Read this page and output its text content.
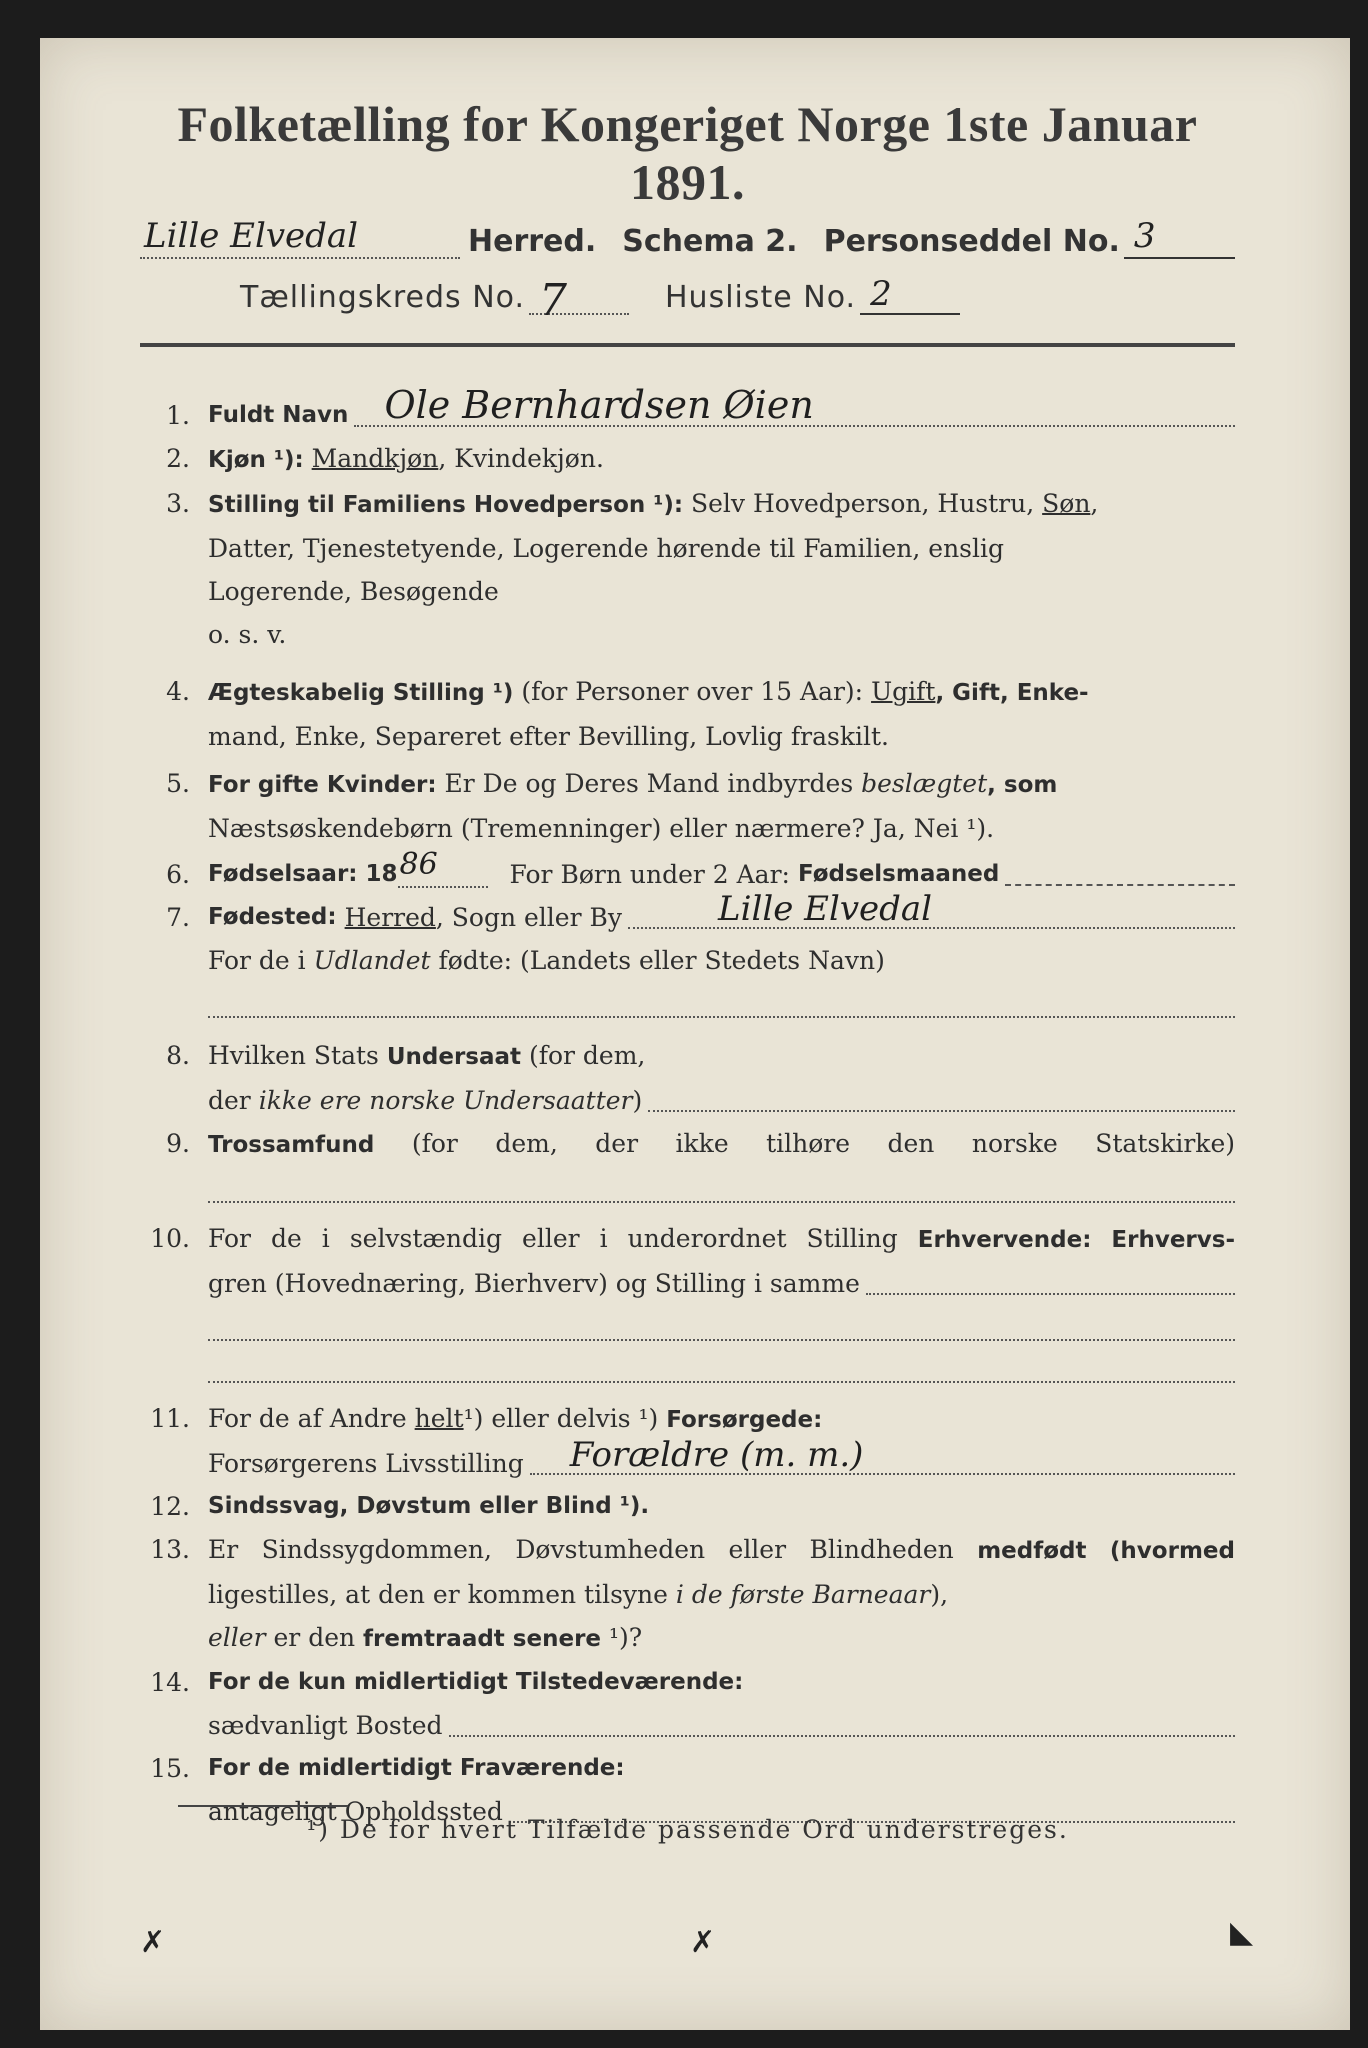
Folketælling for Kongeriget Norge 1ste Januar 1891.
Lille Elvedal	Herred. Schema 2. Personseddel No. 3
Tællingskreds No. 7	Husliste No. 2
1. Fuldt Navn Ole Bernhardsen Øien
2. Kjøn ¹): Mandkjøn, Kvindekjøn.
3. Stilling til Familiens Hovedperson ¹): Selv Hovedperson, Hustru, Søn,
Datter, Tjenestetyende, Logerende hørende til Familien, enslig
Logerende, Besøgende
o. s. v.
4. Ægteskabelig Stilling ¹) (for Personer over 15 Aar): Ugift, Gift, Enke-
mand, Enke, Separeret efter Bevilling, Lovlig fraskilt.
5. For gifte Kvinder: Er De og Deres Mand indbyrdes beslægtet, som
Næstsøskendebørn (Tremenninger) eller nærmere? Ja, Nei ¹).
6. Fødselsaar: 18 86	For Børn under 2 Aar: Fødselsmaaned
7. Fødested: Herred , Sogn eller By	Lille Elvedal
For de i Udlandet fødte: (Landets eller Stedets Navn)
8. Hvilken Stats Undersaat (for dem,
der ikke ere norske Undersaatter )
9. Trossamfund (for dem, der ikke tilhøre den norske Statskirke)
10. For de i selvstændig eller i underordnet Stilling Erhvervende: Erhvervs-
gren (Hovednæring, Bierhverv) og Stilling i samme
11. For de af Andre helt¹) eller delvis ¹) Forsørgede:
Forsørgerens Livsstilling Forældre (m. m.)
12. Sindssvag, Døvstum eller Blind ¹).
13. Er Sindssygdommen, Døvstumheden eller Blindheden medfødt (hvormed
ligestilles, at den er kommen tilsyne i de første Barneaar),
eller er den fremtraadt senere ¹)?
14. For de kun midlertidigt Tilstedeværende:
sædvanligt Bosted
15. For de midlertidigt Fraværende:
antageligt Opholdssted
¹) De for hvert Tilfælde passende Ord understreges.
✗	✗	◣
